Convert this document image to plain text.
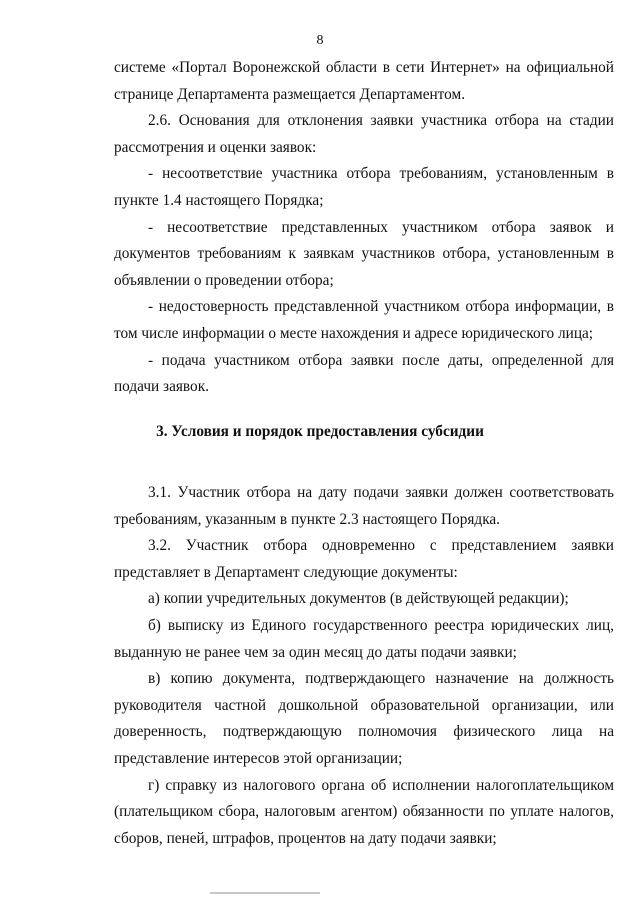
8

системе «Портал Воронежской области в сети Интернет» на официальной странице Департамента размещается Департаментом.

2.6. Основания для отклонения заявки участника отбора на стадии рассмотрения и оценки заявок:

- несоответствие участника отбора требованиям, установленным в пункте 1.4 настоящего Порядка;

- несоответствие представленных участником отбора заявок и документов требованиям к заявкам участников отбора, установленным в объявлении о проведении отбора;

- недостоверность представленной участником отбора информации, в том числе информации о месте нахождения и адресе юридического лица;

- подача участником отбора заявки после даты, определенной для подачи заявок.

3. Условия и порядок предоставления субсидии

3.1. Участник отбора на дату подачи заявки должен соответствовать требованиям, указанным в пункте 2.3 настоящего Порядка.

3.2. Участник отбора одновременно с представлением заявки представляет в Департамент следующие документы:

а) копии учредительных документов (в действующей редакции);

б) выписку из Единого государственного реестра юридических лиц, выданную не ранее чем за один месяц до даты подачи заявки;

в) копию документа, подтверждающего назначение на должность руководителя частной дошкольной образовательной организации, или доверенность, подтверждающую полномочия физического лица на представление интересов этой организации;

г) справку из налогового органа об исполнении налогоплательщиком (плательщиком сбора, налоговым агентом) обязанности по уплате налогов, сборов, пеней, штрафов, процентов на дату подачи заявки;
